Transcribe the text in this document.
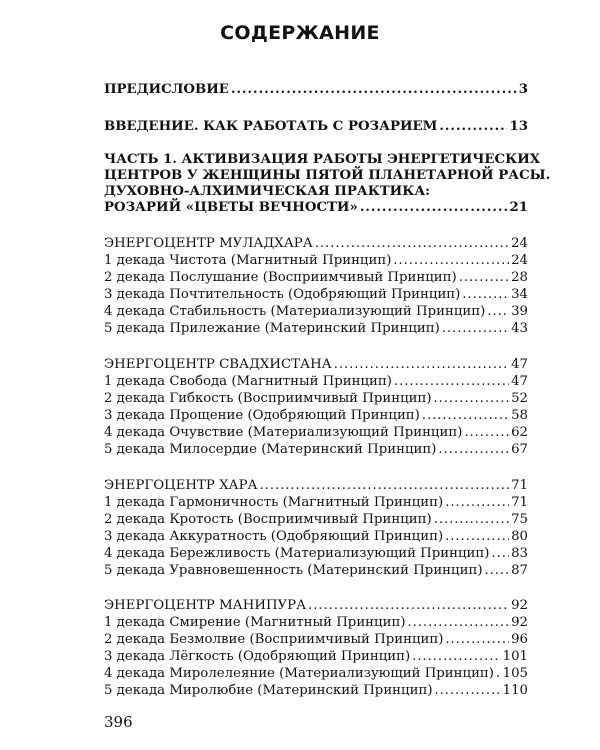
СОДЕРЖАНИЕ
ПРЕДИСЛОВИЕ .....	3
ВВЕДЕНИЕ. КАК РАБОТАТЬ С РОЗАРИЕМ .....	13
ЧАСТЬ 1. АКТИВИЗАЦИЯ РАБОТЫ ЭНЕРГЕТИЧЕСКИХ
ЦЕНТРОВ У ЖЕНЩИНЫ ПЯТОЙ ПЛАНЕТАРНОЙ РАСЫ.
ДУХОВНО-АЛХИМИЧЕСКАЯ ПРАКТИКА:
РОЗАРИЙ «ЦВЕТЫ ВЕЧНОСТИ» .....	21
ЭНЕРГОЦЕНТР МУЛАДХАРА .....	24
1 декада Чистота (Магнитный Принцип) .....	24
2 декада Послушание (Восприимчивый Принцип) .....	28
3 декада Почтительность (Одобряющий Принцип) .....	34
4 декада Стабильность (Материализующий Принцип) ..... 39
5 декада Прилежание (Материнский Принцип) .....	43
ЭНЕРГОЦЕНТР СВАДХИСТАНА .....	47
1 декада Свобода (Магнитный Принцип) .....	47
2 декада Гибкость (Восприимчивый Принцип) .....	52
3 декада Прощение (Одобряющий Принцип) .....	58
4 декада Очувствие (Материализующий Принцип) .....	62
5 декада Милосердие (Материнский Принцип) .....	67
ЭНЕРГОЦЕНТР ХАРА .....	71
1 декада Гармоничность (Магнитный Принцип) .....	71
2 декада Кротость (Восприимчивый Принцип) .....	75
3 декада Аккуратность (Одобряющий Принцип) .....	80
4 декада Бережливость (Материализующий Принцип) ..... 83
5 декада Уравновешенность (Материнский Принцип) ..... 87
ЭНЕРГОЦЕНТР МАНИПУРА .....	92
1 декада Смирение (Магнитный Принцип) .....	92
2 декада Безмолвие (Восприимчивый Принцип) .....	96
3 декада Лёгкость (Одобряющий Принцип) .....	101
4 декада Миролелеяние (Материализующий Принцип) ..... 105
5 декада Миролюбие (Материнский Принцип) .....	110
396
